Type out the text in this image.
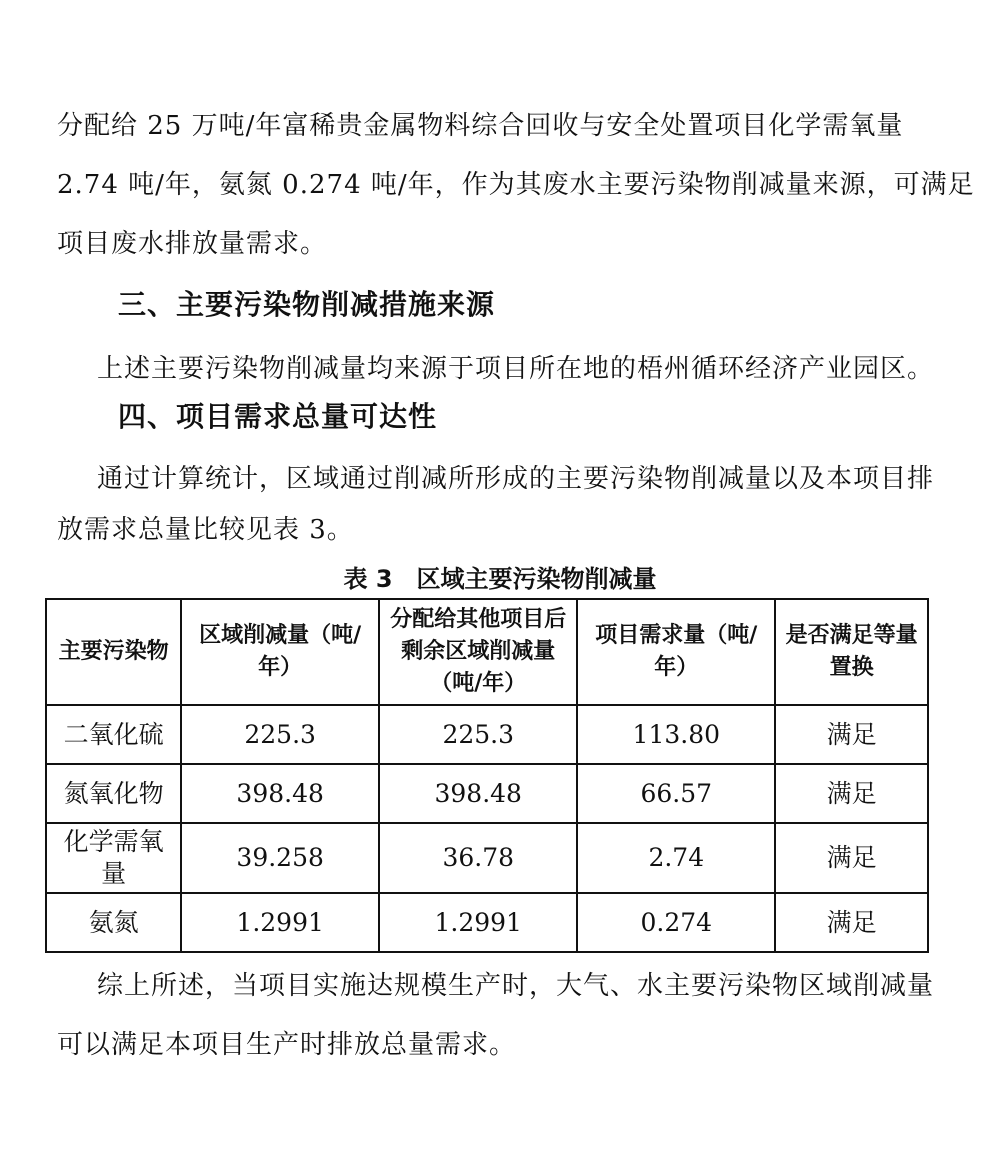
分配给 25 万吨/年富稀贵金属物料综合回收与安全处置项目化学需氧量
2.74 吨/年，氨氮 0.274 吨/年，作为其废水主要污染物削减量来源，可满足
项目废水排放量需求。
三、主要污染物削减措施来源
上述主要污染物削减量均来源于项目所在地的梧州循环经济产业园区。
四、项目需求总量可达性
通过计算统计，区域通过削减所形成的主要污染物削减量以及本项目排
放需求总量比较见表 3。
表 3 区域主要污染物削减量
主要污染物	区域削减量（吨/年）	分配给其他项目后剩余区域削减量（吨/年）	项目需求量（吨/年）	是否满足等量置换
二氧化硫	225.3	225.3	113.80	满足
氮氧化物	398.48	398.48	66.57	满足
化学需氧量	39.258	36.78	2.74	满足
氨氮	1.2991	1.2991	0.274	满足
综上所述，当项目实施达规模生产时，大气、水主要污染物区域削减量
可以满足本项目生产时排放总量需求。
